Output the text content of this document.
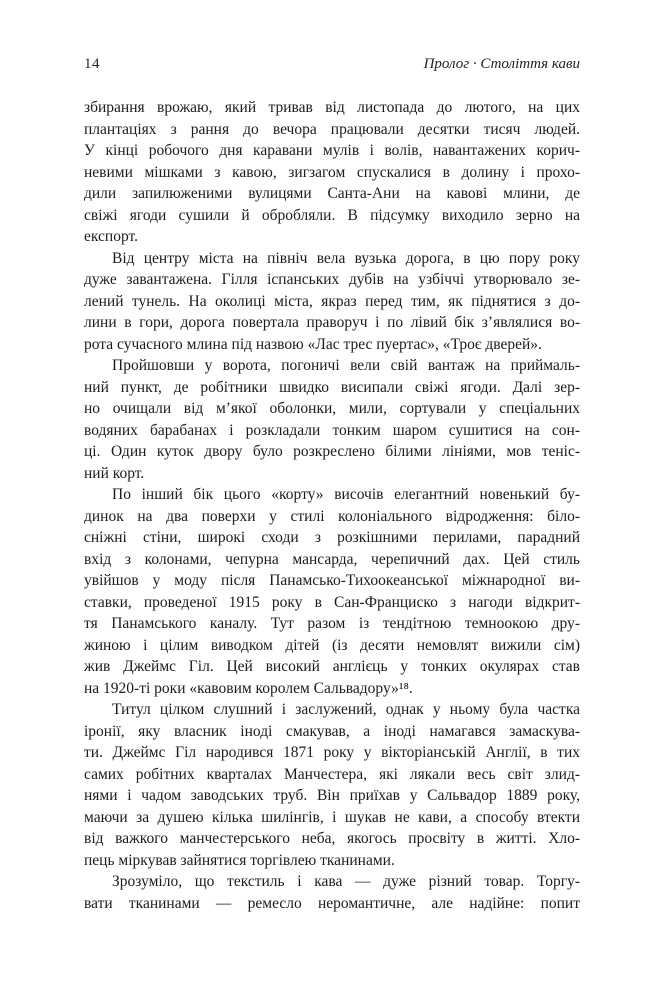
14	Пролог · Століття кави
збирання врожаю, який тривав від листопада до лютого, на цих
плантаціях з рання до вечора працювали десятки тисяч людей.
У кінці робочого дня каравани мулів і волів, навантажених корич-
невими мішками з кавою, зигзагом спускалися в долину і прохо-
дили запилюженими вулицями Санта-Ани на кавові млини, де
свіжі ягоди сушили й обробляли. В підсумку виходило зерно на
експорт.
Від центру міста на північ вела вузька дорога, в цю пору року
дуже завантажена. Гілля іспанських дубів на узбіччі утворювало зе-
лений тунель. На околиці міста, якраз перед тим, як піднятися з до-
лини в гори, дорога повертала праворуч і по лівий бік з’являлися во-
рота сучасного млина під назвою «Лас трес пуертас», «Троє дверей».
Пройшовши у ворота, погоничі вели свій вантаж на приймаль-
ний пункт, де робітники швидко висипали свіжі ягоди. Далі зер-
но очищали від м’якої оболонки, мили, сортували у спеціальних
водяних барабанах і розкладали тонким шаром сушитися на сон-
ці. Один куток двору було розкреслено білими лініями, мов теніс-
ний корт.
По інший бік цього «корту» височів елегантний новенький бу-
динок на два поверхи у стилі колоніального відродження: біло-
сніжні стіни, широкі сходи з розкішними перилами, парадний
вхід з колонами, чепурна мансарда, черепичний дах. Цей стиль
увійшов у моду після Панамсько-Тихоокеанської міжнародної ви-
ставки, проведеної 1915 року в Сан-Франциско з нагоди відкрит-
тя Панамського каналу. Тут разом із тендітною темноокою дру-
жиною і цілим виводком дітей (із десяти немовлят вижили сім)
жив Джеймс Гіл. Цей високий англієць у тонких окулярах став
на 1920-ті роки «кавовим королем Сальвадору»¹⁸.
Титул цілком слушний і заслужений, однак у ньому була частка
іронії, яку власник іноді смакував, а іноді намагався замаскува-
ти. Джеймс Гіл народився 1871 року у вікторіанській Англії, в тих
самих робітних кварталах Манчестера, які лякали весь світ злид-
нями і чадом заводських труб. Він приїхав у Сальвадор 1889 року,
маючи за душею кілька шилінгів, і шукав не кави, а способу втекти
від важкого манчестерського неба, якогось просвіту в житті. Хло-
пець міркував зайнятися торгівлею тканинами.
Зрозуміло, що текстиль і кава — дуже різний товар. Торгу-
вати тканинами — ремесло неромантичне, але надійне: попит
